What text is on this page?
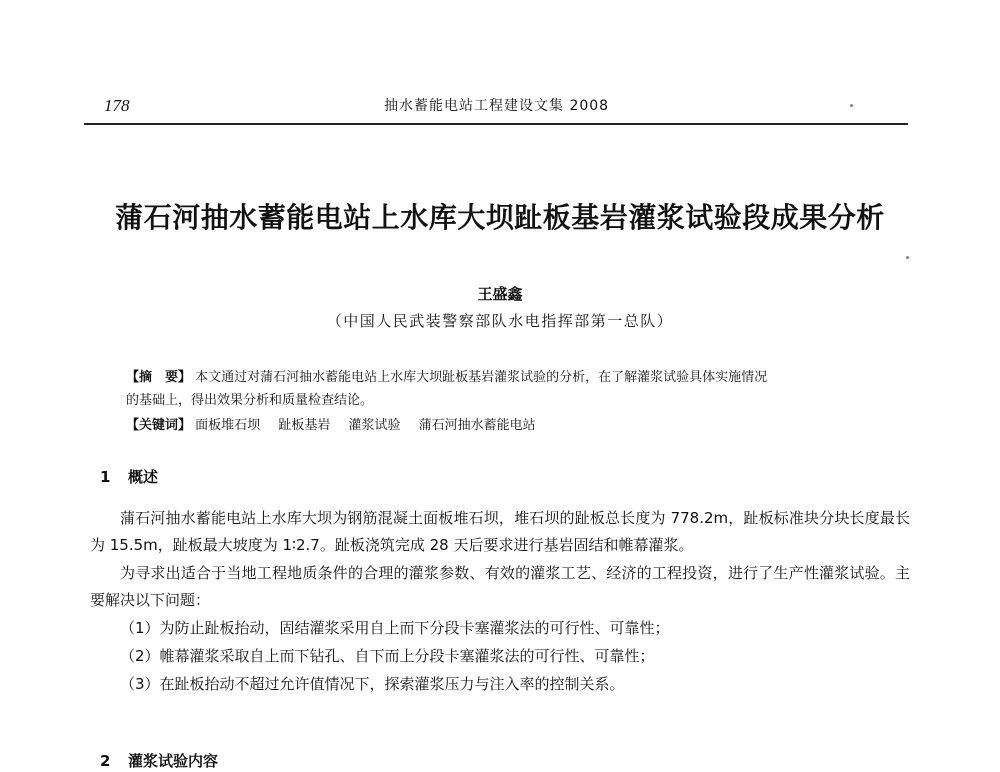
178	抽水蓄能电站工程建设文集 2008
蒲石河抽水蓄能电站上水库大坝趾板基岩灌浆试验段成果分析
王盛鑫
（中国人民武装警察部队水电指挥部第一总队）

【摘　要】 本文通过对蒲石河抽水蓄能电站上水库大坝趾板基岩灌浆试验的分析，在了解灌浆试验具体实施情况

的基础上，得出效果分析和质量检查结论。

【关键词】 面板堆石坝 趾板基岩 灌浆试验 蒲石河抽水蓄能电站

1 概述

蒲石河抽水蓄能电站上水库大坝为钢筋混凝土面板堆石坝，堆石坝的趾板总长度为 778.2m，趾板标准块分块长度最长为 15.5m，趾板最大坡度为 1∶2.7。趾板浇筑完成 28 天后要求进行基岩固结和帷幕灌浆。

为寻求出适合于当地工程地质条件的合理的灌浆参数、有效的灌浆工艺、经济的工程投资，进行了生产性灌浆试验。主要解决以下问题：

（1）为防止趾板抬动，固结灌浆采用自上而下分段卡塞灌浆法的可行性、可靠性；

（2）帷幕灌浆采取自上而下钻孔、自下而上分段卡塞灌浆法的可行性、可靠性；

（3）在趾板抬动不超过允许值情况下，探索灌浆压力与注入率的控制关系。

2 灌浆试验内容
